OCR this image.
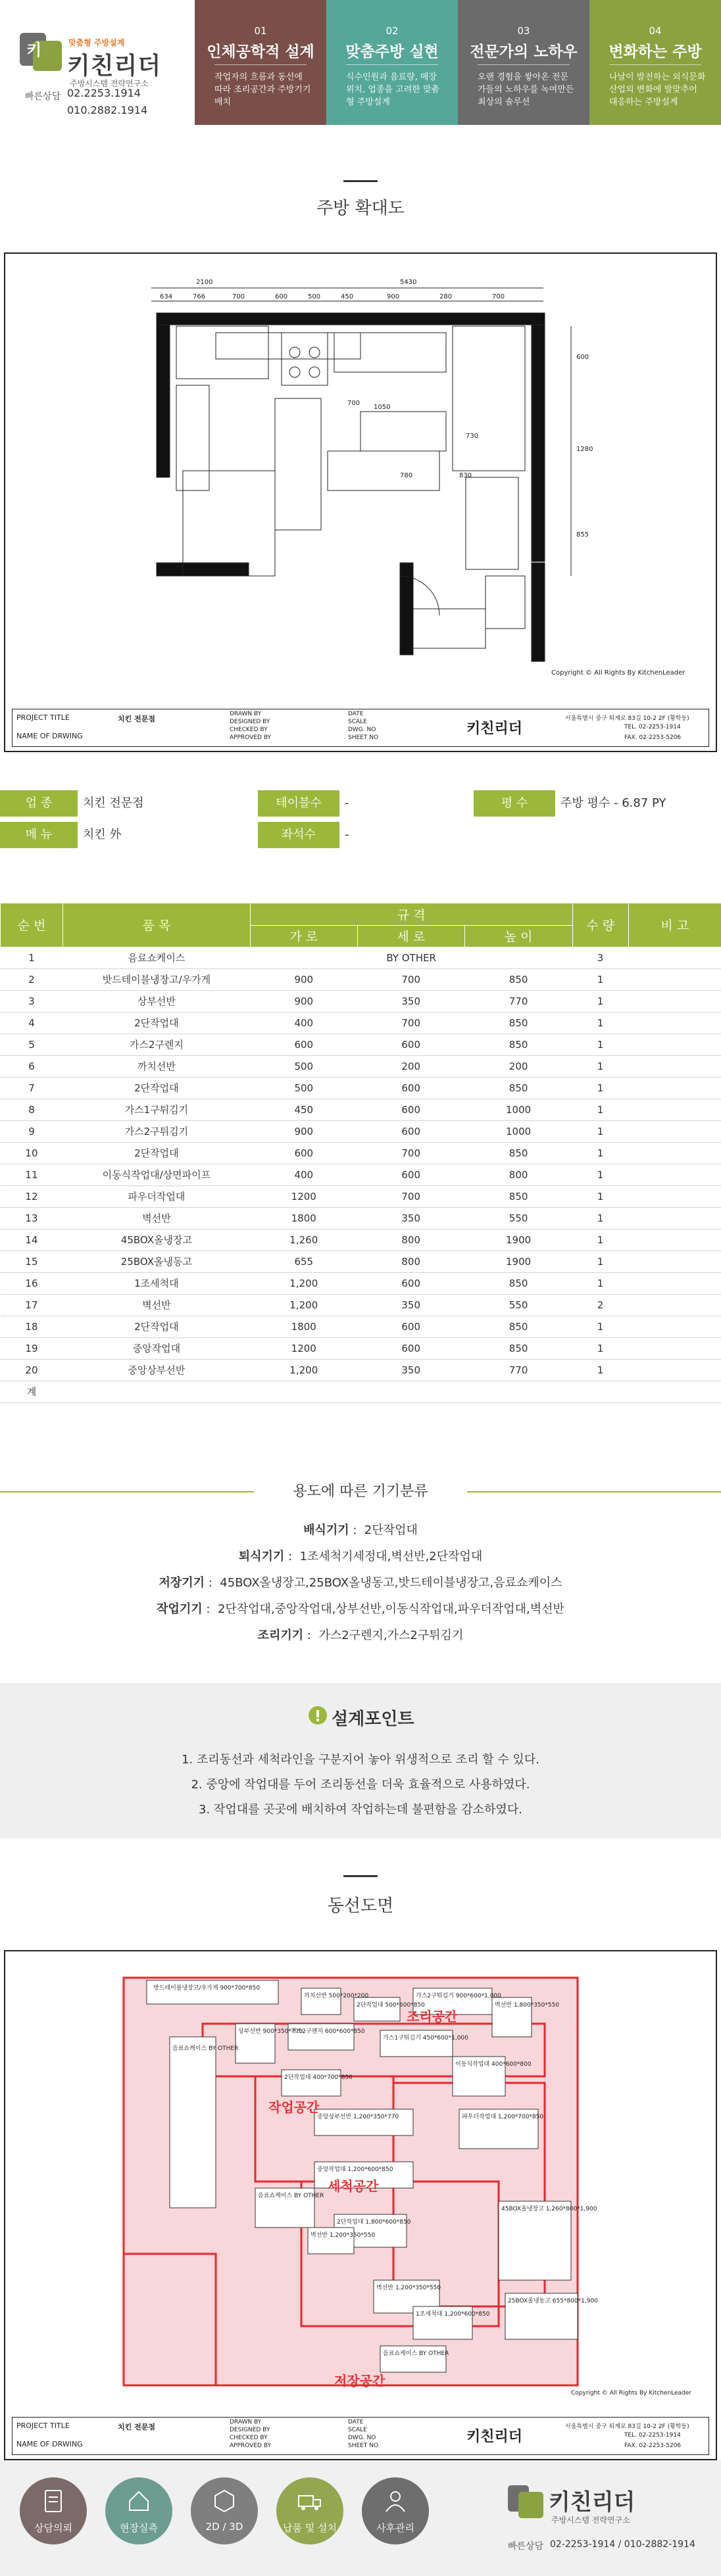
키	맞춤형 주방설계
키친리더
주방시스템 전략연구소
빠른상담 02.2253.1914
010.2882.1914
01
인체공학적 설계
작업자의 흐름과 동선에 따라 조리공간과 주방기기 배치
02
맞춤주방 실현
식수인원과 음료량, 매장위치, 업종을 고려한 맞춤형 주방설계
03
전문가의 노하우
오랜 경험을 쌓아온 전문가들의 노하우를 녹여만든 최상의 솔루션
04
변화하는 주방
나날이 발전하는 외식문화 산업의 변화에 발맞추어 대응하는 주방설계
주방 확대도
2100	5430
634	766	700	600	500	450	900	280	700
600
1280
855
700
1050
730
830
780
Copyright © All Rights By KitchenLeader
PROJECT TITLE
NAME OF DRWING
치킨 전문점
DRAWN BY
DESIGNED BY
CHECKED BY
APPROVED BY
DATE
SCALE
DWG. NO
SHEET NO
키친리더
서울특별시 중구 퇴계로 83길 10-2 2F (황학동)
TEL. 02-2253-1914
FAX. 02-2253-5206
업 종	치킨 전문점	테이블수	-	평 수	주방 평수 - 6.87 PY
메 뉴	치킨 外	좌석수	-
순 번	품 목	규 격			수 량	비 고
		가 로	세 로	높 이		
1	음료쇼케이스	BY OTHER			3	
2	밧드테이블냉장고/우가게	900	700	850	1	
3	상부선반	900	350	770	1	
4	2단작업대	400	700	850	1	
5	가스2구렌지	600	600	850	1	
6	까치선반	500	200	200	1	
7	2단작업대	500	600	850	1	
8	가스1구튀김기	450	600	1000	1	
9	가스2구튀김기	900	600	1000	1	
10	2단작업대	600	700	850	1	
11	이동식작업대/상면파이프	400	600	800	1	
12	파우더작업대	1200	700	850	1	
13	벽선반	1800	350	550	1	
14	45BOX올냉장고	1,260	800	1900	1	
15	25BOX올냉동고	655	800	1900	1	
16	1조세척대	1,200	600	850	1	
17	벽선반	1,200	350	550	2	
18	2단작업대	1800	600	850	1	
19	중앙작업대	1200	600	850	1	
20	중앙상부선반	1,200	350	770	1	
계						
용도에 따른 기기분류
배식기기 :  2단작업대
퇴식기기 :  1조세척기세정대,벽선반,2단작업대
저장기기 :  45BOX올냉장고,25BOX올냉동고,밧드테이블냉장고,음료쇼케이스
작업기기 :  2단작업대,중앙작업대,상부선반,이동식작업대,파우더작업대,벽선반
조리기기 :  가스2구렌지,가스2구튀김기
설계포인트
1. 조리동선과 세척라인을 구분지어 놓아 위생적으로 조리 할 수 있다.
2. 중앙에 작업대를 두어 조리동선을 더욱 효율적으로 사용하였다.
3. 작업대를 곳곳에 배치하여 작업하는데 불편함을 감소하였다.
동선도면
조리공간
작업공간
세척공간
저장공간
밧드테이블냉장고/우가게 900*700*850
까치선반 500*200*200
2단작업대 500*600*850
가스2구튀김기 900*600*1,000
음료쇼케이스 BY OTHER
상부선반 900*350*770
가스2구렌지 600*600*850
가스1구튀김기 450*600*1,000
이동식작업대 400*600*800
벽선반 1,800*350*550
2단작업대 400*700*850
중앙상부선반 1,200*350*770	파우더작업대 1,200*700*850
중앙작업대 1,200*600*850
음료쇼케이스 BY OTHER
2단작업대 1,800*600*850
45BOX올냉장고 1,260*800*1,900
벽선반 1,200*350*550
벽선반 1,200*350*550
1조세척대 1,200*600*850
25BOX올냉동고 655*800*1,900
음료쇼케이스 BY OTHER
Copyright © All Rights By KitchenLeader
PROJECT TITLE
NAME OF DRWING
치킨 전문점
DRAWN BY
DESIGNED BY
CHECKED BY
APPROVED BY
DATE
SCALE
DWG. NO
SHEET NO
키친리더
서울특별시 중구 퇴계로 83길 10-2 2F (황학동)
TEL. 02-2253-1914
FAX. 02-2253-5206
상담의뢰	현장실측	2D / 3D	납품 및 설치	사후관리
키친리더
주방시스템 전략연구소
빠른상담 02-2253-1914 / 010-2882-1914
